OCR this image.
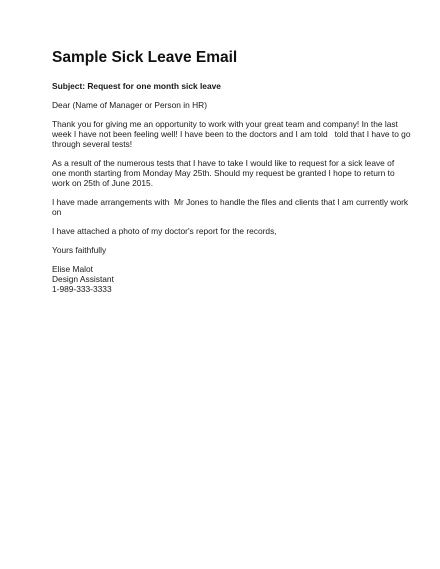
Sample Sick Leave Email

Subject: Request for one month sick leave

Dear (Name of Manager or Person in HR)

Thank you for giving me an opportunity to work with your great team and company! In the last
week I have not been feeling well! I have been to the doctors and I am told   told that I have to go
through several tests!

As a result of the numerous tests that I have to take I would like to request for a sick leave of
one month starting from Monday May 25th. Should my request be granted I hope to return to
work on 25th of June 2015.

I have made arrangements with  Mr Jones to handle the files and clients that I am currently work
on

I have attached a photo of my doctor's report for the records,

Yours faithfully

Elise Malot

Design Assistant

1-989-333-3333
